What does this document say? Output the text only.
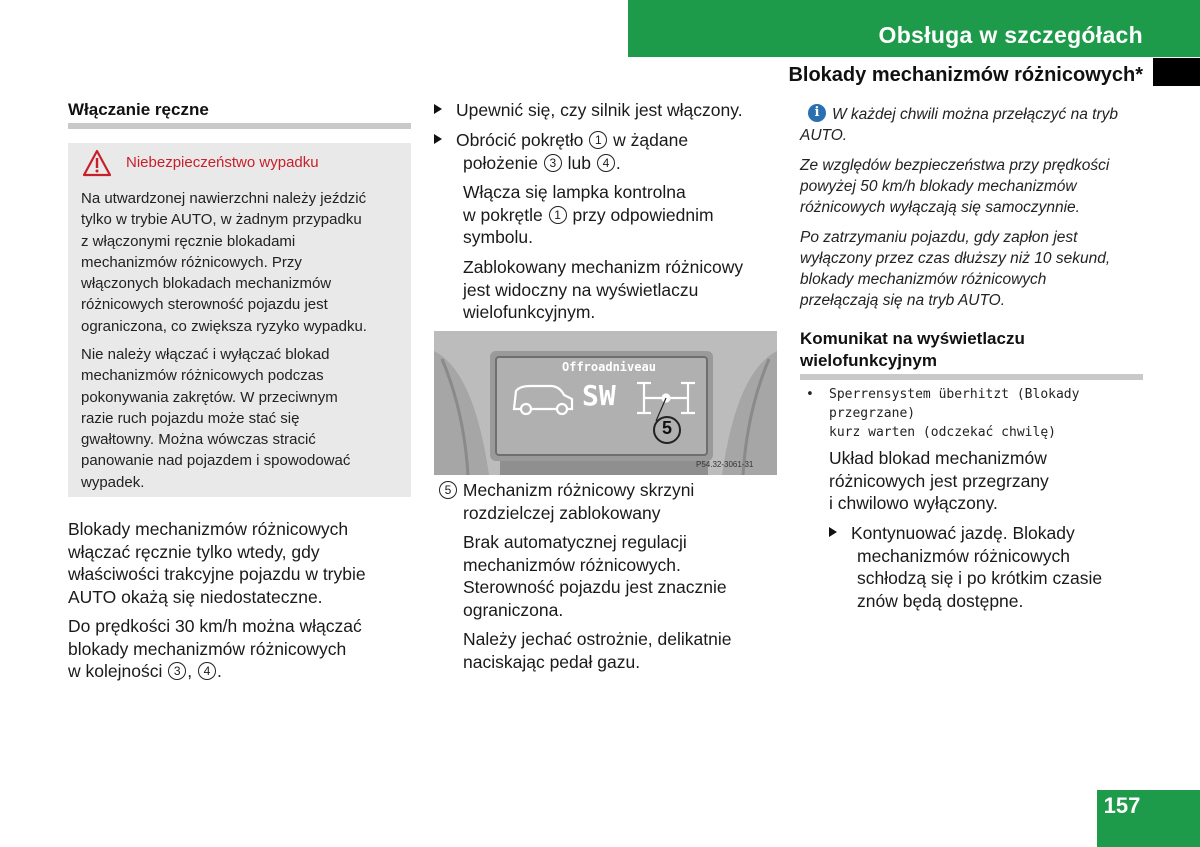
Obsługa w szczegółach
Blokady mechanizmów różnicowych*
Włączanie ręczne
Niebezpieczeństwo wypadku
Na utwardzonej nawierzchni należy jeździć
tylko w trybie AUTO, w żadnym przypadku
z włączonymi ręcznie blokadami
mechanizmów różnicowych. Przy
włączonych blokadach mechanizmów
różnicowych sterowność pojazdu jest
ograniczona, co zwiększa ryzyko wypadku.
Nie należy włączać i wyłączać blokad
mechanizmów różnicowych podczas
pokonywania zakrętów. W przeciwnym
razie ruch pojazdu może stać się
gwałtowny. Można wówczas stracić
panowanie nad pojazdem i spowodować
wypadek.
Blokady mechanizmów różnicowych
włączać ręcznie tylko wtedy, gdy
właściwości trakcyjne pojazdu w trybie
AUTO okażą się niedostateczne.
Do prędkości 30 km/h można włączać
blokady mechanizmów różnicowych
w kolejności 3 , 4 .
Upewnić się, czy silnik jest włączony.
Obrócić pokrętło 1 w żądane
położenie 3 lub 4 .
Włącza się lampka kontrolna
w pokrętle 1 przy odpowiednim
symbolu.
Zablokowany mechanizm różnicowy
jest widoczny na wyświetlaczu
wielofunkcyjnym.
Offroadniveau
SW
5
P54.32-3061-31
5 Mechanizm różnicowy skrzyni
rozdzielczej zablokowany
Brak automatycznej regulacji
mechanizmów różnicowych.
Sterowność pojazdu jest znacznie
ograniczona.
Należy jechać ostrożnie, delikatnie
naciskając pedał gazu.
i W każdej chwili można przełączyć na tryb
AUTO.
Ze względów bezpieczeństwa przy prędkości
powyżej 50 km/h blokady mechanizmów
różnicowych wyłączają się samoczynnie.
Po zatrzymaniu pojazdu, gdy zapłon jest
wyłączony przez czas dłuższy niż 10 sekund,
blokady mechanizmów różnicowych
przełączają się na tryb AUTO.
Komunikat na wyświetlaczu
wielofunkcyjnym
• Sperrensystem überhitzt (Blokady
przegrzane)
kurz warten (odczekać chwilę)
Układ blokad mechanizmów
różnicowych jest przegrzany
i chwilowo wyłączony.
Kontynuować jazdę. Blokady
mechanizmów różnicowych
schłodzą się i po krótkim czasie
znów będą dostępne.
157
